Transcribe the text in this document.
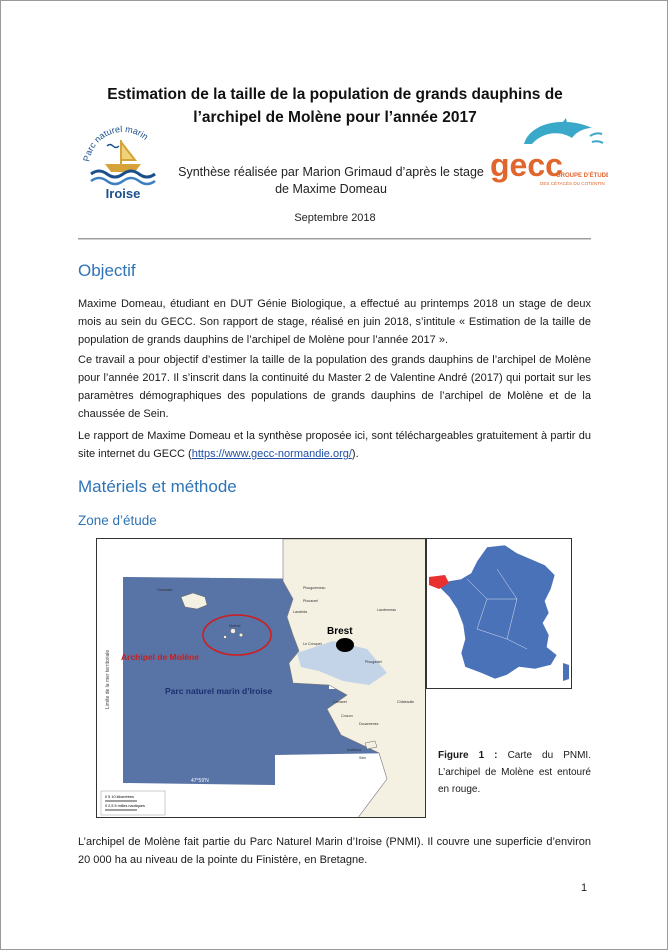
Parc naturel marin
Iroise
gecc
GROUPE D’ÉTUDE
DES CÉTACÉS DU COTENTIN
Estimation de la taille de la population de grands dauphins de
l’archipel de Molène pour l’année 2017
Synthèse réalisée par Marion Grimaud d’après le stage
de Maxime Domeau
Septembre 2018
Objectif

Maxime Domeau, étudiant en DUT Génie Biologique, a effectué au printemps 2018 un stage de deux mois au sein du GECC. Son rapport de stage, réalisé en juin 2018, s’intitule « Estimation de la taille de population de grands dauphins de l’archipel de Molène pour l’année 2017 ».

Ce travail a pour objectif d’estimer la taille de la population des grands dauphins de l’archipel de Molène pour l’année 2017. Il s’inscrit dans la continuité du Master 2 de Valentine André (2017) qui portait sur les paramètres démographiques des populations de grands dauphins de l’archipel de Molène et de la chaussée de Sein.

Le rapport de Maxime Domeau et la synthèse proposée ici, sont téléchargeables gratuitement à partir du site internet du GECC (https://www.gecc-normandie.org/).

Matériels et méthode
Zone d’étude
Brest
Archipel de Molène
Parc naturel marin d’Iroise
48°31'N
47°59'N
Limite de la mer territoriale
Plouguerneau
Plouarzel
Le Conquet
Landéda
Ouessant
Molène
Crozon
Camaret
Douarnenez
Audierne
Sein
Landerneau
Plougastel
Châteaulin
0 5 10 kilomètres
0 2,5 5 milles nautiques
Figure 1 : Carte du PNMI. L’archipel de Molène est entouré en rouge.

L’archipel de Molène fait partie du Parc Naturel Marin d’Iroise (PNMI). Il couvre une superficie d’environ 20 000 ha au niveau de la pointe du Finistère, en Bretagne.

1
